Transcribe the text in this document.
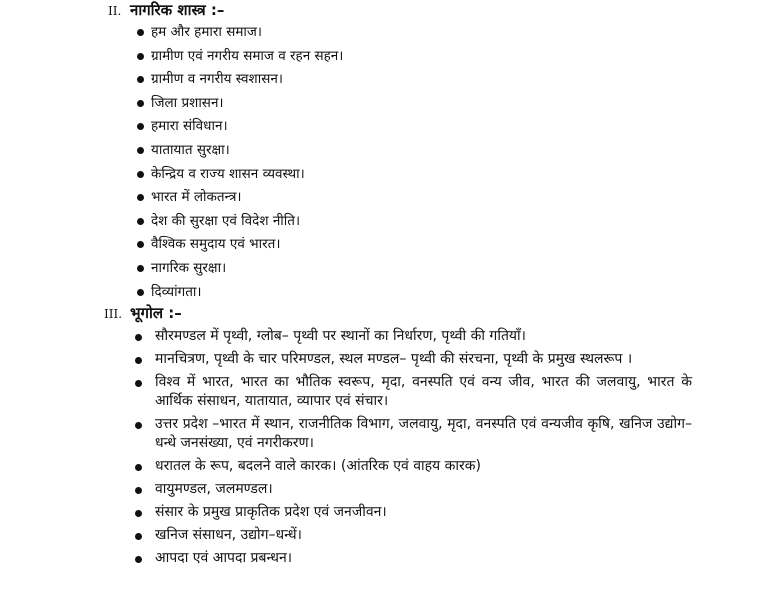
II. नागरिक शास्त्र :–
हम और हमारा समाज।
ग्रामीण एवं नगरीय समाज व रहन सहन।
ग्रामीण व नगरीय स्वशासन।
जिला प्रशासन।
हमारा संविधान।
यातायात सुरक्षा।
केन्द्रिय व राज्य शासन व्यवस्था।
भारत में लोकतन्त्र।
देश की सुरक्षा एवं विदेश नीति।
वैश्विक समुदाय एवं भारत।
नागरिक सुरक्षा।
दिव्यांगता।
III. भूगोल :–
सौरमण्डल में पृथ्वी, ग्लोब– पृथ्वी पर स्थानों का निर्धारण, पृथ्वी की गतियाँ।
मानचित्रण, पृथ्वी के चार परिमण्डल, स्थल मण्डल– पृथ्वी की संरचना, पृथ्वी के प्रमुख स्थलरूप ।
विश्व में भारत, भारत का भौतिक स्वरूप, मृदा, वनस्पति एवं वन्य जीव, भारत की जलवायु, भारत के आर्थिक संसाधन, यातायात, व्यापार एवं संचार।
उत्तर प्रदेश –भारत में स्थान, राजनीतिक विभाग, जलवायु, मृदा, वनस्पति एवं वन्यजीव कृषि, खनिज उद्योग–धन्धे जनसंख्या, एवं नगरीकरण।
धरातल के रूप, बदलने वाले कारक। (आंतरिक एवं वाहय कारक)
वायुमण्डल, जलमण्डल।
संसार के प्रमुख प्राकृतिक प्रदेश एवं जनजीवन।
खनिज संसाधन, उद्योग–धन्धें।
आपदा एवं आपदा प्रबन्धन।
